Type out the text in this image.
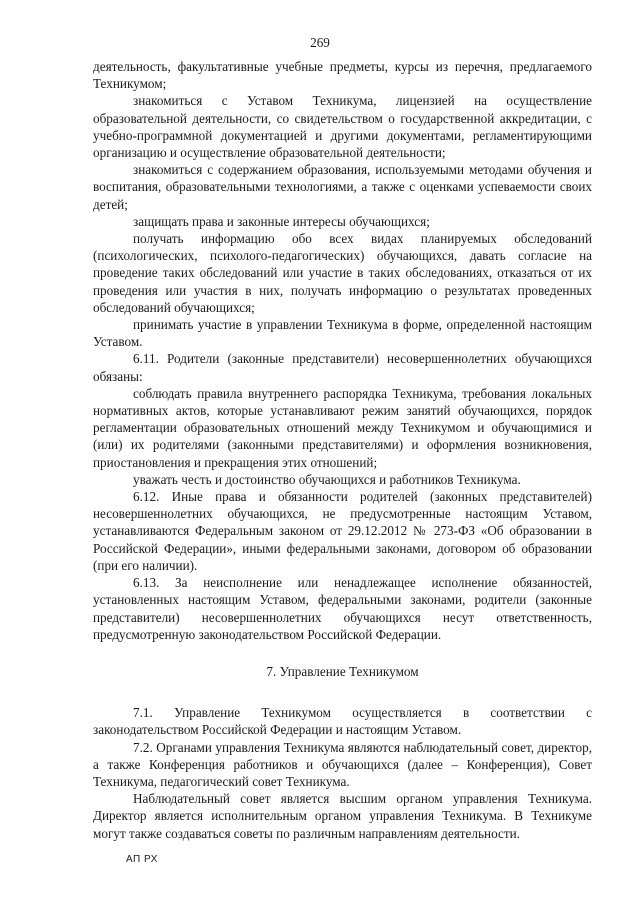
269

деятельность, факультативные учебные предметы, курсы из перечня, предлагаемого Техникумом;

знакомиться с Уставом Техникума, лицензией на осуществление образовательной деятельности, со свидетельством о государственной аккредитации, с учебно-программной документацией и другими документами, регламентирующими организацию и осуществление образовательной деятельности;

знакомиться с содержанием образования, используемыми методами обучения и воспитания, образовательными технологиями, а также с оценками успеваемости своих детей;

защищать права и законные интересы обучающихся;

получать информацию обо всех видах планируемых обследований (психологических, психолого-педагогических) обучающихся, давать согласие на проведение таких обследований или участие в таких обследованиях, отказаться от их проведения или участия в них, получать информацию о результатах проведенных обследований обучающихся;

принимать участие в управлении Техникума в форме, определенной настоящим Уставом.

6.11. Родители (законные представители) несовершеннолетних обучающихся обязаны:

соблюдать правила внутреннего распорядка Техникума, требования локальных нормативных актов, которые устанавливают режим занятий обучающихся, порядок регламентации образовательных отношений между Техникумом и обучающимися и (или) их родителями (законными представителями) и оформления возникновения, приостановления и прекращения этих отношений;

уважать честь и достоинство обучающихся и работников Техникума.

6.12. Иные права и обязанности родителей (законных представителей) несовершеннолетних обучающихся, не предусмотренные настоящим Уставом, устанавливаются Федеральным законом от 29.12.2012 № 273-ФЗ «Об образовании в Российской Федерации», иными федеральными законами, договором об образовании (при его наличии).

6.13. За неисполнение или ненадлежащее исполнение обязанностей, установленных настоящим Уставом, федеральными законами, родители (законные представители) несовершеннолетних обучающихся несут ответственность, предусмотренную законодательством Российской Федерации.

7. Управление Техникумом

7.1. Управление Техникумом осуществляется в соответствии с законодательством Российской Федерации и настоящим Уставом.

7.2. Органами управления Техникума являются наблюдательный совет, директор, а также Конференция работников и обучающихся (далее – Конференция), Совет Техникума, педагогический совет Техникума.

Наблюдательный совет является высшим органом управления Техникума. Директор является исполнительным органом управления Техникума. В Техникуме могут также создаваться советы по различным направлениям деятельности.

АП РХ
